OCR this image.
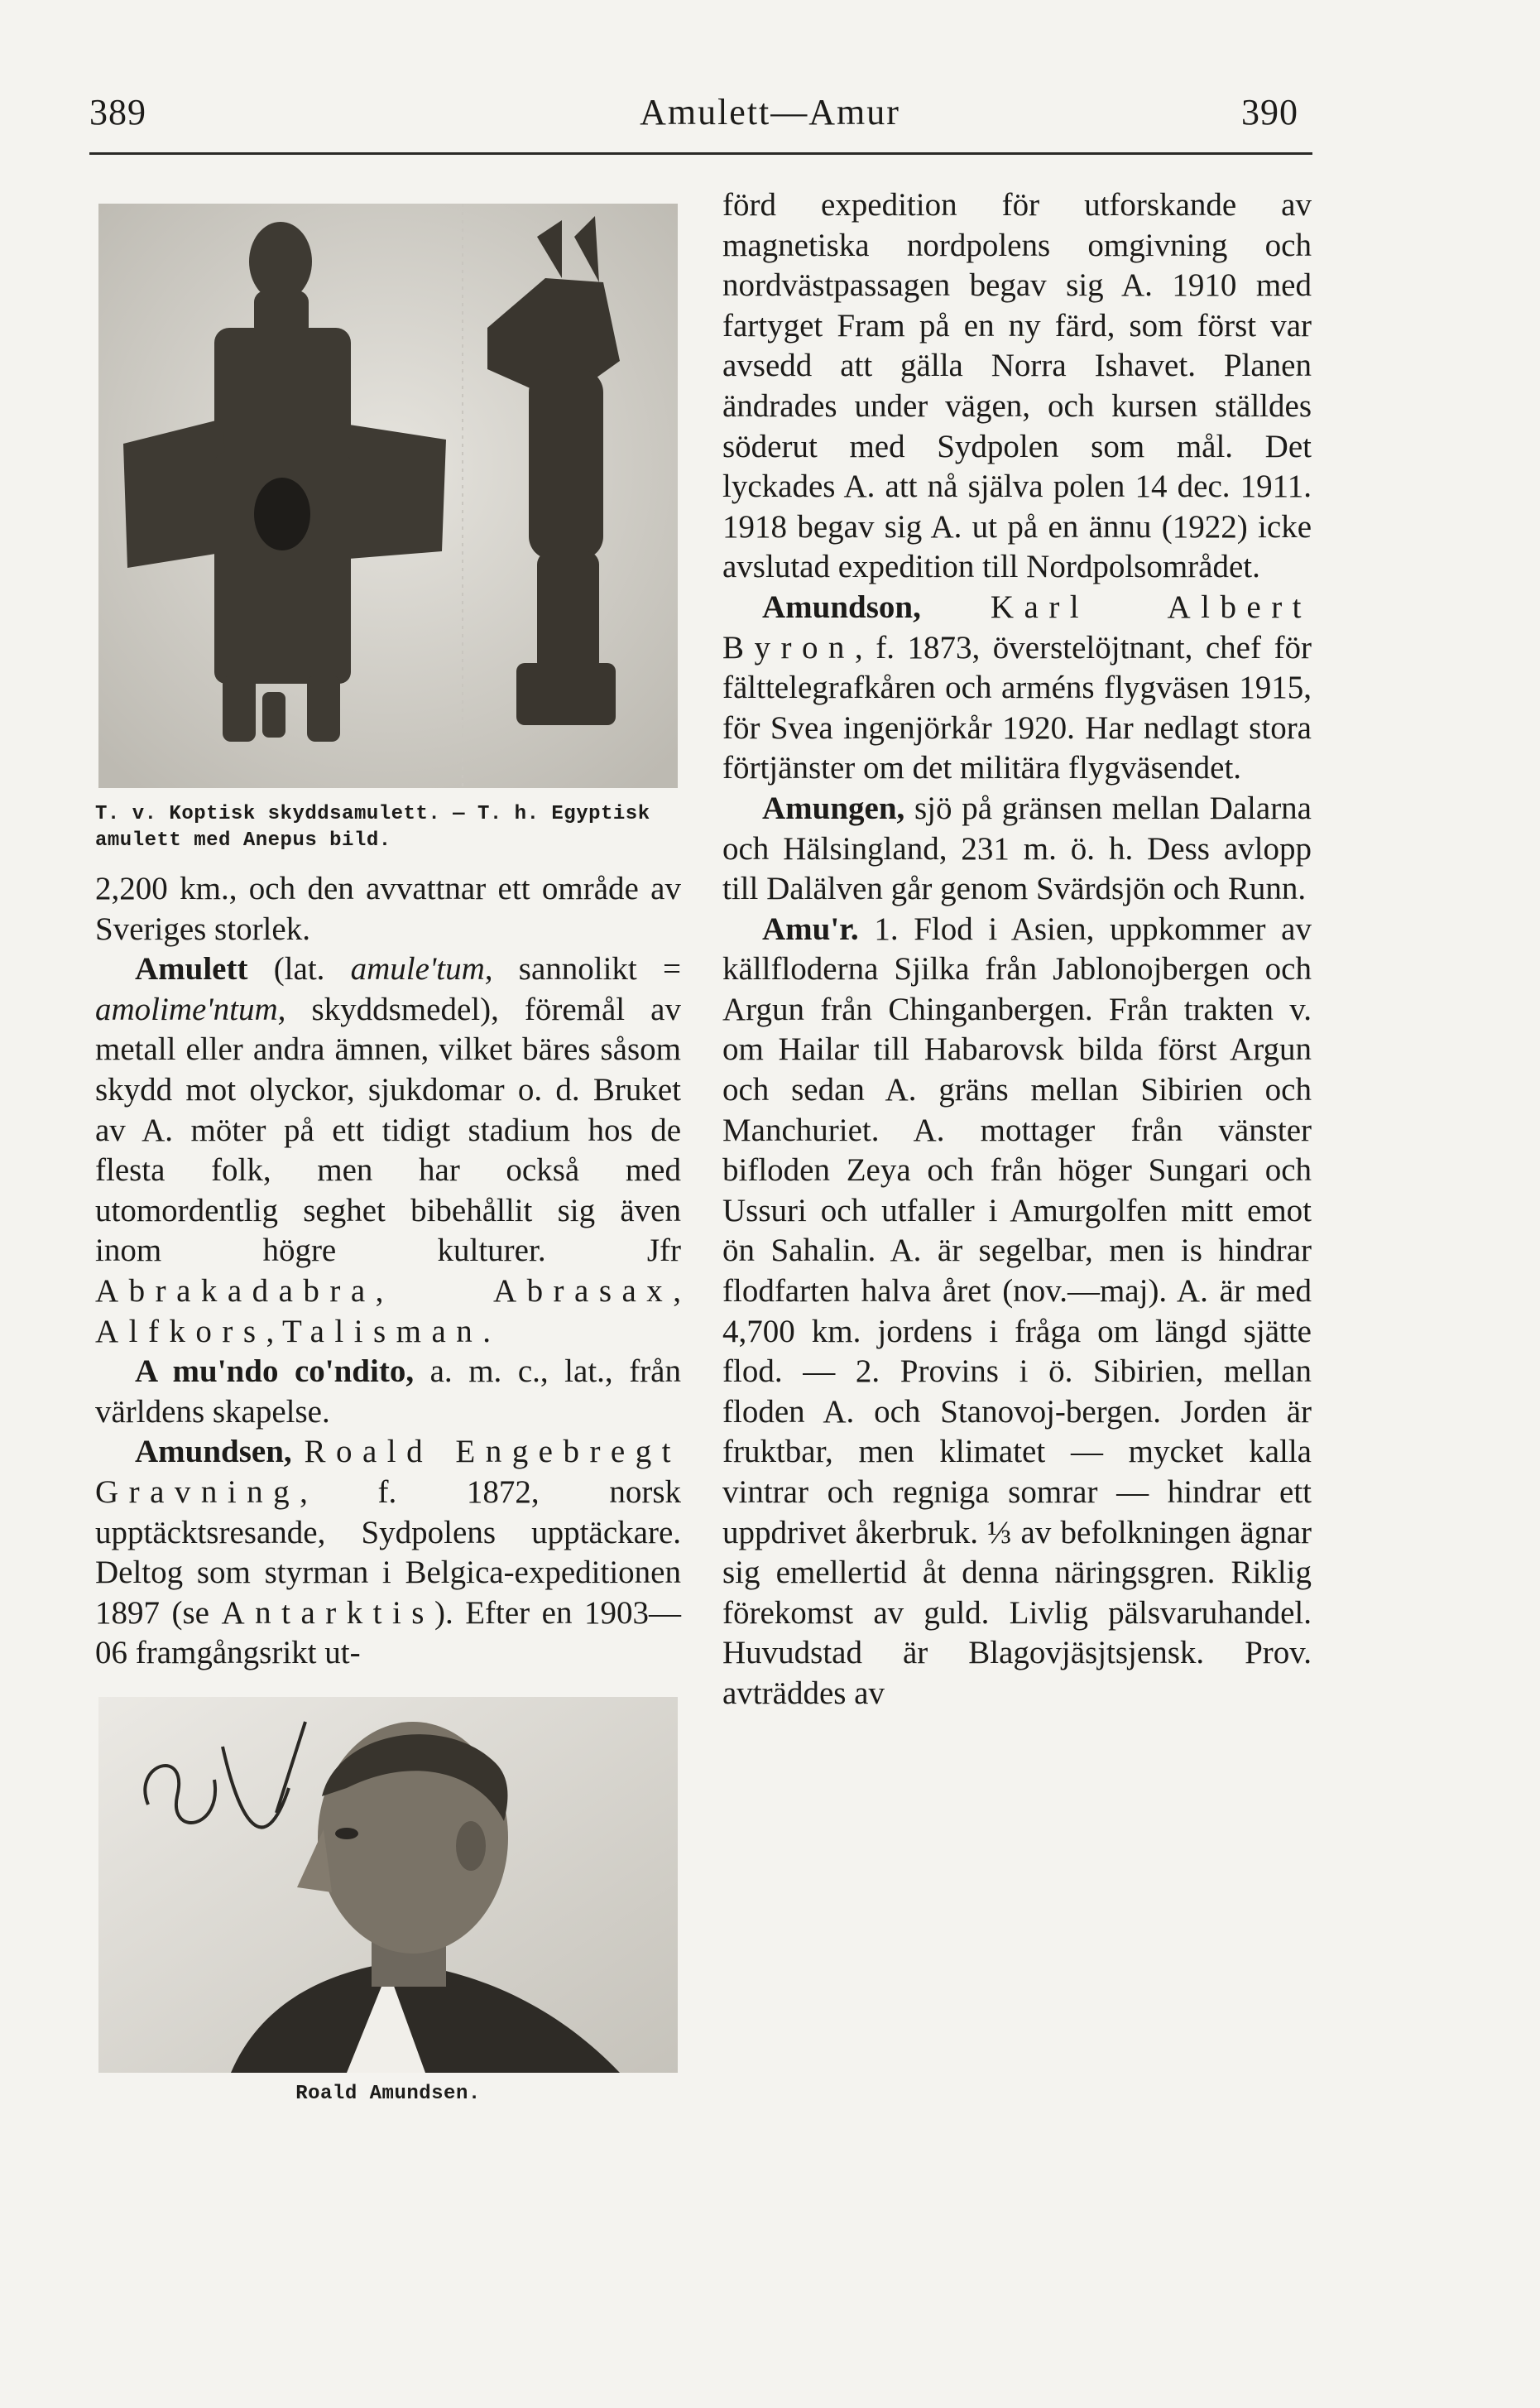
389	Amulett—Amur	390
T. v. Koptisk skyddsamulett. — T. h. Egyptisk amulett med Anepus bild.

2,200 km., och den avvattnar ett område av Sveriges storlek.

Amulett (lat. amule'tum, sannolikt = amolime'ntum, skyddsmedel), föremål av metall eller andra ämnen, vilket bäres såsom skydd mot olyckor, sjukdomar o. d. Bruket av A. möter på ett tidigt stadium hos de flesta folk, men har också med utomordentlig seghet bibehållit sig även inom högre kulturer. Jfr Abrakadabra, Abrasax, Alfkors, Talisman.

A mu'ndo co'ndito, a. m. c., lat., från världens skapelse.

Amundsen, Roald Engebregt Gravning, f. 1872, norsk upptäcktsresande, Sydpolens upptäckare. Deltog som styrman i Belgica-expeditionen 1897 (se Antarktis). Efter en 1903—06 framgångsrikt ut-

Roald Amundsen.

förd expedition för utforskande av magnetiska nordpolens omgivning och nordvästpassagen begav sig A. 1910 med fartyget Fram på en ny färd, som först var avsedd att gälla Norra Ishavet. Planen ändrades under vägen, och kursen ställdes söderut med Sydpolen som mål. Det lyckades A. att nå själva polen 14 dec. 1911. 1918 begav sig A. ut på en ännu (1922) icke avslutad expedition till Nordpolsområdet.

Amundson, Karl Albert Byron, f. 1873, överstelöjtnant, chef för fälttelegrafkåren och arméns flygväsen 1915, för Svea ingenjörkår 1920. Har nedlagt stora förtjänster om det militära flygväsendet.

Amungen, sjö på gränsen mellan Dalarna och Hälsingland, 231 m. ö. h. Dess avlopp till Dalälven går genom Svärdsjön och Runn.

Amu'r. 1. Flod i Asien, uppkommer av källfloderna Sjilka från Jablonojbergen och Argun från Chinganbergen. Från trakten v. om Hailar till Habarovsk bilda först Argun och sedan A. gräns mellan Sibirien och Manchuriet. A. mottager från vänster bifloden Zeya och från höger Sungari och Ussuri och utfaller i Amurgolfen mitt emot ön Sahalin. A. är segelbar, men is hindrar flodfarten halva året (nov.—maj). A. är med 4,700 km. jordens i fråga om längd sjätte flod. — 2. Provins i ö. Sibirien, mellan floden A. och Stanovoj-bergen. Jorden är fruktbar, men klimatet — mycket kalla vintrar och regniga somrar — hindrar ett uppdrivet åkerbruk. ⅓ av befolkningen ägnar sig emellertid åt denna näringsgren. Riklig förekomst av guld. Livlig pälsvaruhandel. Huvudstad är Blagovjäsjtsjensk. Prov. avträddes av
